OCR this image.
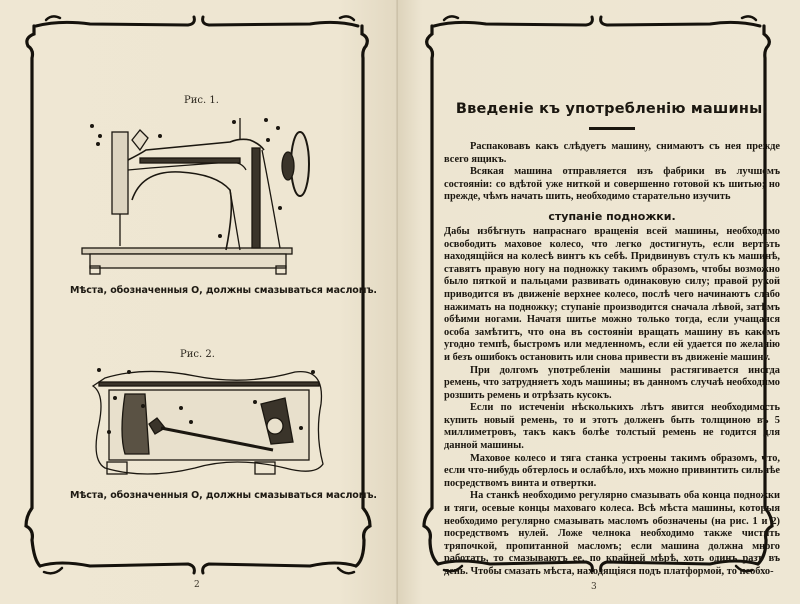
Рис. 1.
Мѣста, обозначенныя О, должны смазываться масломъ.
Рис. 2.
Мѣста, обозначенныя О, должны смазываться масломъ.
2	3
Введеніе къ употребленію машины.

Распаковавъ какъ слѣдуетъ машину, снимаютъ съ нея прежде всего ящикъ.

Всякая машина отправляется изъ фабрики въ лучшемъ состояніи: со вдѣтой уже ниткой и совершенно готовой къ шитью; но прежде, чѣмъ начать шить, необходимо старательно изучить

ступаніе подножки.

Дабы избѣгнуть напраснаго вращенія всей машины, необходимо освободить маховое колесо, что легко достигнуть, если вертѣть находящійся на колесѣ винтъ къ себѣ. Придвинувъ стулъ къ машинѣ, ставятъ правую ногу на подножку такимъ образомъ, чтобы возможно было пяткой и пальцами развивать одинаковую силу; правой рукой приводится въ движеніе верхнее колесо, послѣ чего начинаютъ слабо нажимать на подножку; ступаніе производится сначала лѣвой, затѣмъ обѣими ногами. Начатя шитье можно только тогда, если учащаяся особа замѣтитъ, что она въ состояніи вращать машину въ какомъ угодно темпѣ, быстромъ или медленномъ, если ей удается по желанію и безъ ошибокъ остановить или снова привести въ движеніе машину.

При долгомъ употребленіи машины растягивается иногда ремень, что затрудняетъ ходъ машины; въ данномъ случаѣ необходимо розшить ремень и отрѣзать кусокъ.

Если по истеченіи нѣсколькихъ лѣтъ явится необходимость купить новый ремень, то и этотъ долженъ быть толщиною въ 5 миллиметровъ, такъ какъ болѣе толстый ремень не годится для данной машины.

Маховое колесо и тяга станка устроены такимъ образомъ, что, если что-нибудь обтерлось и ослабѣло, ихъ можно привинтить сильнѣе посредствомъ винта и отвертки.

На станкѣ необходимо регулярно смазывать оба конца подножки и тяги, осевые концы маховаго колеса. Всѣ мѣста машины, которыя необходимо регулярно смазывать масломъ обозначены (на рис. 1 и 2) посредствомъ нулей. Ложе челнока необходимо также чистить тряпочкой, пропитанной масломъ; если машина должна много работать, то смазываютъ ее, по крайней мѣрѣ, хоть одинъ разъ въ день. Чтобы смазать мѣста, находящіяся подъ платформой, то необхо-
